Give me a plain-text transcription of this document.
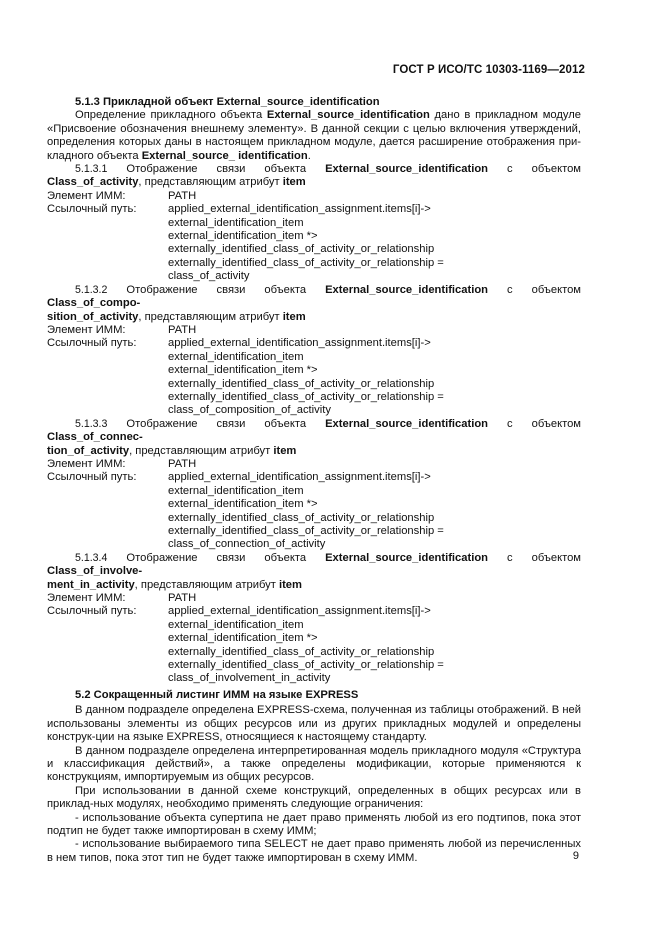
ГОСТ Р ИСО/ТС 10303-1169—2012
5.1.3 Прикладной объект External_source_identification
Определение прикладного объекта External_source_identification дано в прикладном модуле «Присвоение обозначения внешнему элементу». В данной секции с целью включения утверждений, определения которых даны в настоящем прикладном модуле, дается расширение отображения при-кладного объекта External_source_ identification.
5.1.3.1 Отображение связи объекта External_source_identification с объектом Class_of_activity, представляющим атрибут item
Элемент ИММ:	PATH
Ссылочный путь:	applied_external_identification_assignment.items[i]->
external_identification_item
external_identification_item *>
externally_identified_class_of_activity_or_relationship
externally_identified_class_of_activity_or_relationship =
class_of_activity
5.1.3.2 Отображение связи объекта External_source_identification с объектом Class_of_compo-
sition_of_activity, представляющим атрибут item
Элемент ИММ:	PATH
Ссылочный путь:	applied_external_identification_assignment.items[i]->
external_identification_item
external_identification_item *>
externally_identified_class_of_activity_or_relationship
externally_identified_class_of_activity_or_relationship =
class_of_composition_of_activity
5.1.3.3 Отображение связи объекта External_source_identification с объектом Class_of_connec-
tion_of_activity, представляющим атрибут item
Элемент ИММ:	PATH
Ссылочный путь:	applied_external_identification_assignment.items[i]->
external_identification_item
external_identification_item *>
externally_identified_class_of_activity_or_relationship
externally_identified_class_of_activity_or_relationship =
class_of_connection_of_activity
5.1.3.4 Отображение связи объекта External_source_identification с объектом Class_of_involve-
ment_in_activity, представляющим атрибут item
Элемент ИММ:	PATH
Ссылочный путь:	applied_external_identification_assignment.items[i]->
external_identification_item
external_identification_item *>
externally_identified_class_of_activity_or_relationship
externally_identified_class_of_activity_or_relationship =
class_of_involvement_in_activity
5.2 Сокращенный листинг ИММ на языке EXPRESS
В данном подразделе определена EXPRESS-схема, полученная из таблицы отображений. В ней использованы элементы из общих ресурсов или из других прикладных модулей и определены конструк-ции на языке EXPRESS, относящиеся к настоящему стандарту.
В данном подразделе определена интерпретированная модель прикладного модуля «Структура и классификация действий», а также определены модификации, которые применяются к конструкциям, импортируемым из общих ресурсов.
При использовании в данной схеме конструкций, определенных в общих ресурсах или в приклад-ных модулях, необходимо применять следующие ограничения:
- использование объекта супертипа не дает право применять любой из его подтипов, пока этот подтип не будет также импортирован в схему ИММ;
- использование выбираемого типа SELECT не дает право применять любой из перечисленных в нем типов, пока этот тип не будет также импортирован в схему ИММ.	9
